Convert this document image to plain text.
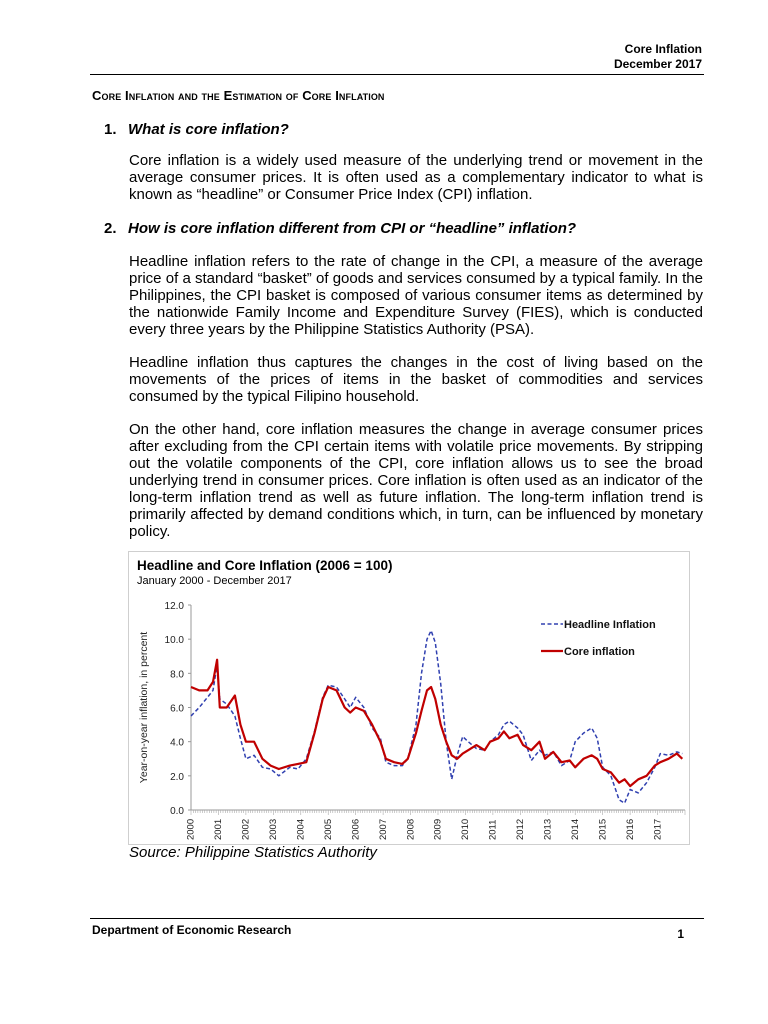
Core Inflation
December 2017
Core Inflation and the Estimation of Core Inflation
1. What is core inflation?
Core inflation is a widely used measure of the underlying trend or movement in the average consumer prices. It is often used as a complementary indicator to what is known as “headline” or Consumer Price Index (CPI) inflation.
2. How is core inflation different from CPI or “headline” inflation?
Headline inflation refers to the rate of change in the CPI, a measure of the average price of a standard “basket” of goods and services consumed by a typical family. In the Philippines, the CPI basket is composed of various consumer items as determined by the nationwide Family Income and Expenditure Survey (FIES), which is conducted every three years by the Philippine Statistics Authority (PSA).
Headline inflation thus captures the changes in the cost of living based on the movements of the prices of items in the basket of commodities and services consumed by the typical Filipino household.
On the other hand, core inflation measures the change in average consumer prices after excluding from the CPI certain items with volatile price movements. By stripping out the volatile components of the CPI, core inflation allows us to see the broad underlying trend in consumer prices. Core inflation is often used as an indicator of the long-term inflation trend as well as future inflation. The long-term inflation trend is primarily affected by demand conditions which, in turn, can be influenced by monetary policy.
Headline and Core Inflation (2006 = 100)
January 2000 - December 2017
0.0
2.0
4.0
6.0
8.0
10.0
12.0
2000 2001 2002 2003 2004 2005 2006 2007 2008 2009 2010 2011 2012 2013 2014 2015 2016 2017
Year-on-year inflation, in percent
Headline Inflation
Core inflation
Source: Philippine Statistics Authority
Department of Economic Research	1
